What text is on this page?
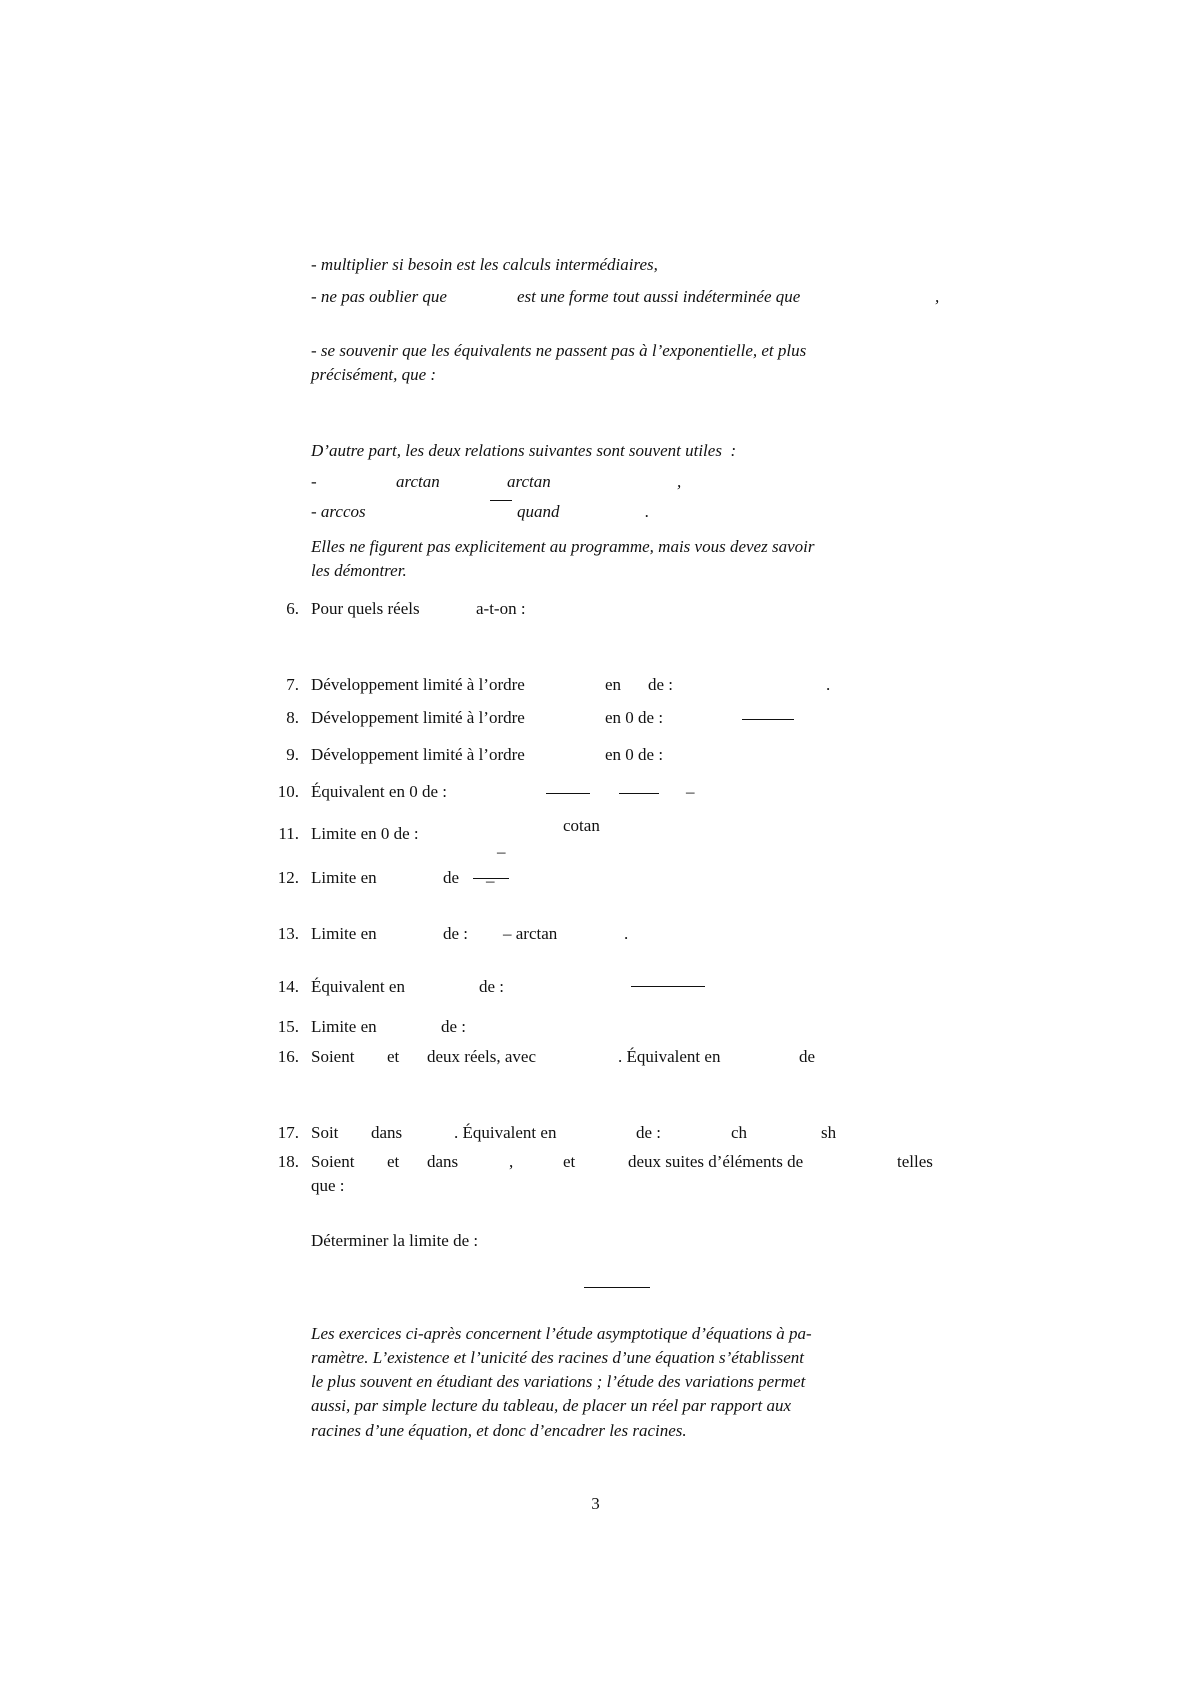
- multiplier si besoin est les calculs intermédiaires,
- ne pas oublier que	est une forme tout aussi indéterminée que	,
- se souvenir que les équivalents ne passent pas à l’exponentielle, et plus
précisément, que :
D’autre part, les deux relations suivantes sont souvent utiles  :
-	arctan	arctan	,
- arccos	quand	.
Elles ne figurent pas explicitement au programme, mais vous devez savoir
les démontrer.
6. Pour quels réels	a-t-on :
7. Développement limité à l’ordre	en de :	.
8. Développement limité à l’ordre	en 0 de :
9. Développement limité à l’ordre	en 0 de :
10. Équivalent en 0 de :	–
11. Limite en 0 de :	cotan
–
12. Limite en	de –
13. Limite en	de : – arctan	.
14. Équivalent en	de :
15. Limite en	de :
16. Soient et deux réels, avec	. Équivalent en	de
17. Soit dans	. Équivalent en	de :	ch	sh
18. Soient et dans	,	et	deux suites d’éléments de	telles
que :
Déterminer la limite de :
Les exercices ci-après concernent l’étude asymptotique d’équations à pa-
ramètre. L’existence et l’unicité des racines d’une équation s’établissent
le plus souvent en étudiant des variations ; l’étude des variations permet
aussi, par simple lecture du tableau, de placer un réel par rapport aux
racines d’une équation, et donc d’encadrer les racines.
3
